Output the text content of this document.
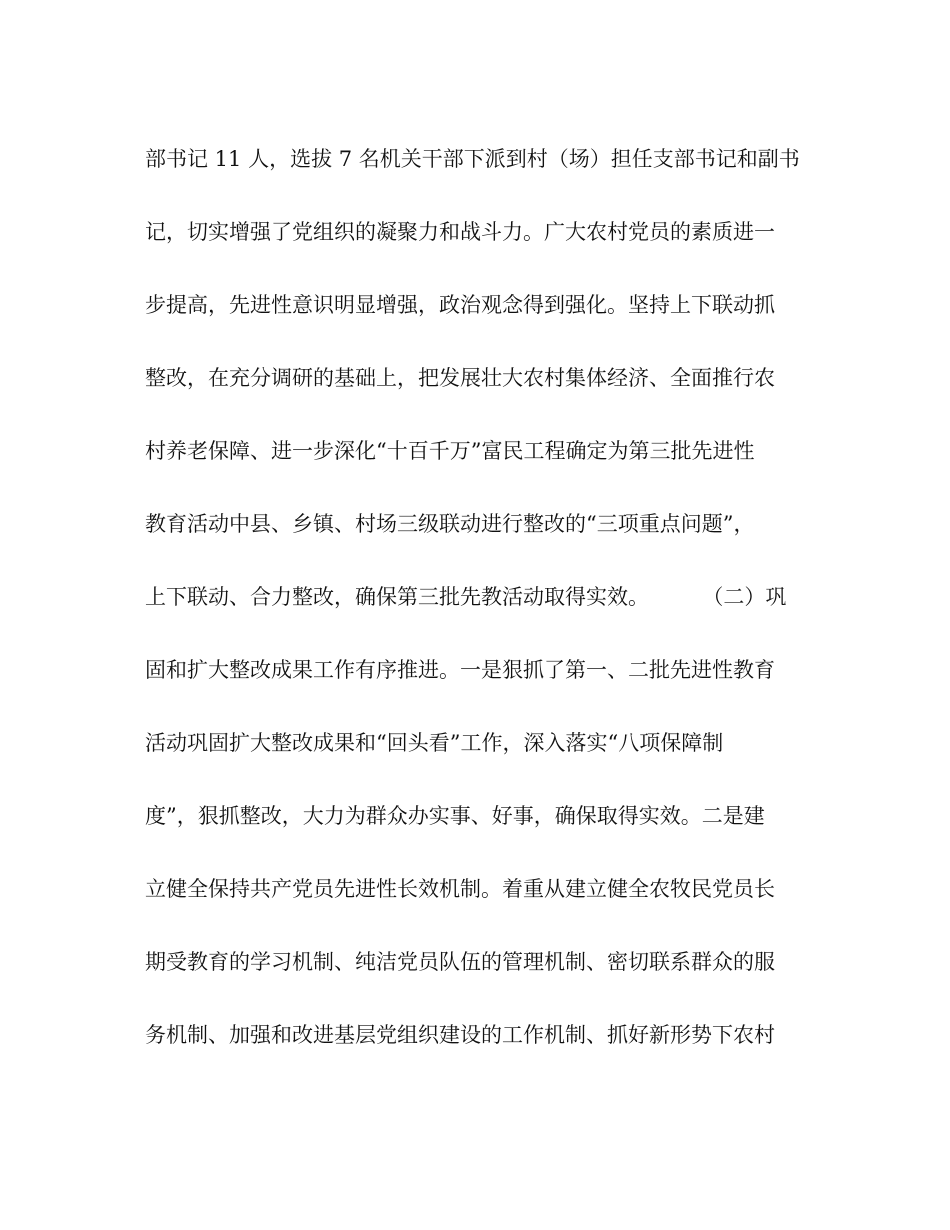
部书记 11 人，选拔 7 名机关干部下派到村（场）担任支部书记和副书
记，切实增强了党组织的凝聚力和战斗力。广大农村党员的素质进一
步提高，先进性意识明显增强，政治观念得到强化。坚持上下联动抓
整改，在充分调研的基础上，把发展壮大农村集体经济、全面推行农
村养老保障、进一步深化“十百千万”富民工程确定为第三批先进性
教育活动中县、乡镇、村场三级联动进行整改的“三项重点问题”，
上下联动、合力整改，确保第三批先教活动取得实效。        （二）巩
固和扩大整改成果工作有序推进。一是狠抓了第一、二批先进性教育
活动巩固扩大整改成果和“回头看”工作，深入落实“八项保障制
度”，狠抓整改，大力为群众办实事、好事，确保取得实效。二是建
立健全保持共产党员先进性长效机制。着重从建立健全农牧民党员长
期受教育的学习机制、纯洁党员队伍的管理机制、密切联系群众的服
务机制、加强和改进基层党组织建设的工作机制、抓好新形势下农村
